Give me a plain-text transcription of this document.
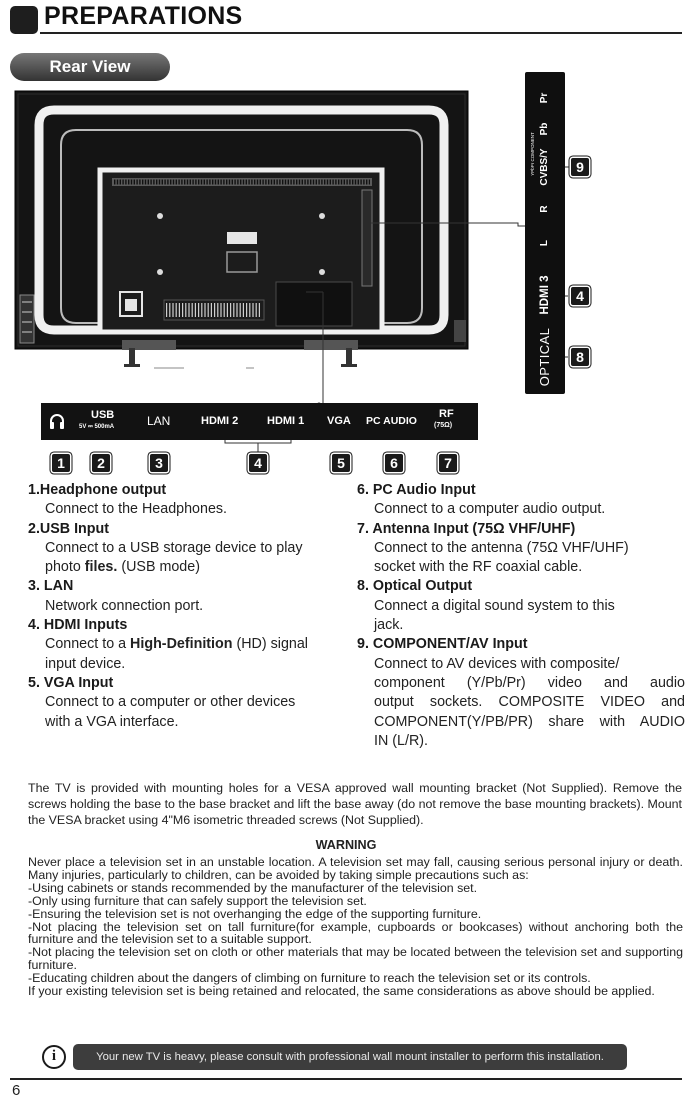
PREPARATIONS
Rear View
Pr
Pb
YPbPr COMPONENT CVBS/Y
R
L
HDMI 3
OPTICAL
9
4
8
USB
5V ⎓ 500mA	LAN	HDMI 2	HDMI 1 VGA PC AUDIO
RF
(75Ω)
1	2	3	4	5	6	7
1.Headphone output
Connect to the Headphones.
2.USB Input
Connect to a USB storage device to play
photo files. (USB mode)
3. LAN
Network connection port.
4. HDMI Inputs
Connect to a High-Definition (HD) signal
input device.
5. VGA Input
Connect to a computer or other devices
with a VGA interface.
6. PC Audio Input
Connect to a computer audio output.
7. Antenna Input (75Ω VHF/UHF)
Connect to the antenna (75Ω VHF/UHF)
socket with the RF coaxial cable.
8. Optical Output
Connect a digital sound system to this
jack.
9. COMPONENT/AV Input
Connect to AV devices with composite/
component (Y/Pb/Pr) video and audio
output sockets. COMPOSITE VIDEO and
COMPONENT(Y/PB/PR) share with AUDIO
IN (L/R).
The TV is provided with mounting holes for a VESA approved wall mounting bracket (Not Supplied). Remove the screws holding the base to the base bracket and lift the base away (do not remove the base mounting brackets). Mount the VESA bracket using 4"M6 isometric threaded screws (Not Supplied).
WARNING
Never place a television set in an unstable location. A television set may fall, causing serious personal injury or death. Many injuries, particularly to children, can be avoided by taking simple precautions such as:
-Using cabinets or stands recommended by the manufacturer of the television set.
-Only using furniture that can safely support the television set.
-Ensuring the television set is not overhanging the edge of the supporting furniture.
-Not placing the television set on tall furniture(for example, cupboards or bookcases) without anchoring both the furniture and the television set to a suitable support.
-Not placing the television set on cloth or other materials that may be located between the television set and supporting furniture.
-Educating children about the dangers of climbing on furniture to reach the television set or its controls.
If your existing television set is being retained and relocated, the same considerations as above should be applied.
i	Your new TV is heavy, please consult with professional wall mount installer to perform this installation.
6
